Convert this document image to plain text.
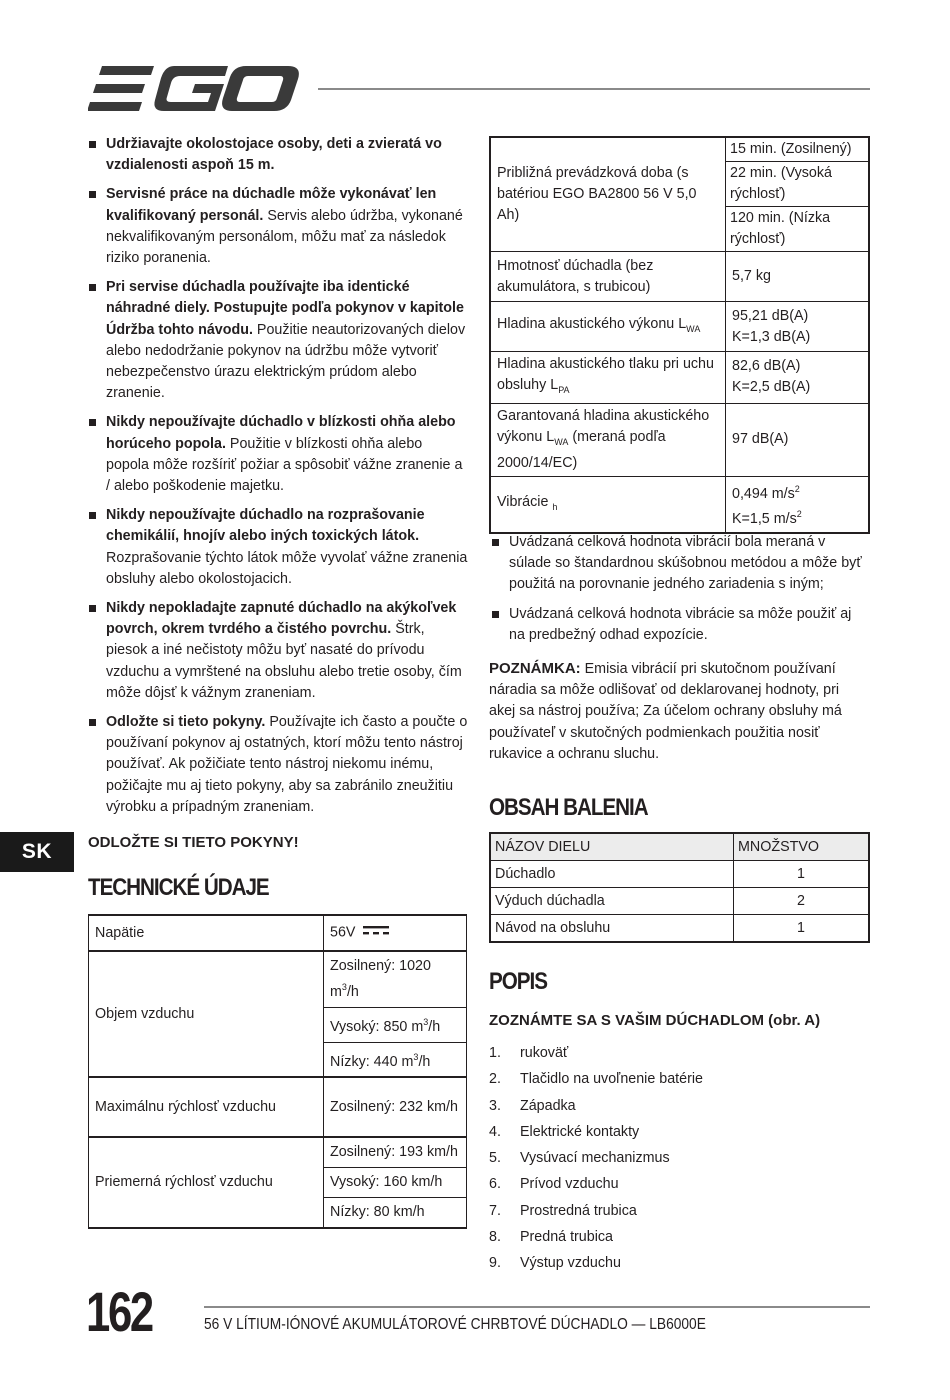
SK
Udržiavajte okolostojace osoby, deti a zvieratá vo vzdialenosti aspoň 15 m.
Servisné práce na dúchadle môže vykonávať len kvalifikovaný personál. Servis alebo údržba, vykonané nekvalifikovaným personálom, môžu mať za následok riziko poranenia.
Pri servise dúchadla používajte iba identické náhradné diely. Postupujte podľa pokynov v kapitole Údržba tohto návodu. Použitie neautorizovaných dielov alebo nedodržanie pokynov na údržbu môže vytvoriť nebezpečenstvo úrazu elektrickým prúdom alebo zranenie.
Nikdy nepoužívajte dúchadlo v blízkosti ohňa alebo horúceho popola. Použitie v blízkosti ohňa alebo popola môže rozšíriť požiar a spôsobiť vážne zranenie a / alebo poškodenie majetku.
Nikdy nepoužívajte dúchadlo na rozprašovanie chemikálií, hnojív alebo iných toxických látok. Rozprašovanie týchto látok môže vyvolať vážne zranenia obsluhy alebo okolostojacich.
Nikdy nepokladajte zapnuté dúchadlo na akýkoľvek povrch, okrem tvrdého a čistého povrchu. Štrk, piesok a iné nečistoty môžu byť nasaté do prívodu vzduchu a vymrštené na obsluhu alebo tretie osoby, čím môže dôjsť k vážnym zraneniam.
Odložte si tieto pokyny. Používajte ich často a poučte o používaní pokynov aj ostatných, ktorí môžu tento nástroj používať. Ak požičiate tento nástroj niekomu inému, požičajte mu aj tieto pokyny, aby sa zabránilo zneužitiu výrobku a prípadným zraneniam.
ODLOŽTE SI TIETO POKYNY!
TECHNICKÉ ÚDAJE
Napätie	56V
Objem vzduchu	Zosilnený: 1020 $m^3/h$
	Vysoký: 850 $m^3/h$
	Nízky: 440 $m^3/h$
Maximálnu rýchlosť vzduchu	Zosilnený: 232 km/h
Priemerná rýchlosť vzduchu	Zosilnený: 193 km/h
	Vysoký: 160 km/h
	Nízky: 80 km/h
Približná prevádzková doba (s batériou EGO BA2800 56 V 5,0 Ah)	15 min. (Zosilnený)
	22 min. (Vysoká rýchlosť)
	120 min. (Nízka rýchlosť)
Hmotnosť dúchadla (bez akumulátora, s trubicou)	5,7 kg
Hladina akustického výkonu $L_{WA}$	95,21 dB(A)
K=1,3 dB(A)
Hladina akustického tlaku pri uchu obsluhy $L_{PA}$	82,6 dB(A)
K=2,5 dB(A)
Garantovaná hladina akustického výkonu $L_{WA}$ (meraná podľa 2000/14/EC)	97 dB(A)
Vibrácie $_h$	0,494 $m/s^2$
K=1,5 $m/s^2$
Uvádzaná celková hodnota vibrácií bola meraná v súlade so štandardnou skúšobnou metódou a môže byť použitá na porovnanie jedného zariadenia s iným;
Uvádzaná celková hodnota vibrácie sa môže použiť aj na predbežný odhad expozície.
POZNÁMKA: Emisia vibrácií pri skutočnom používaní náradia sa môže odlišovať od deklarovanej hodnoty, pri akej sa nástroj používa; Za účelom ochrany obsluhy má používateľ v skutočných podmienkach použitia nosiť rukavice a ochranu sluchu.
OBSAH BALENIA
NÁZOV DIELU	MNOŽSTVO
Dúchadlo	1
Výduch dúchadla	2
Návod na obsluhu	1
POPIS
ZOZNÁMTE SA S VAŠIM DÚCHADLOM (obr. A)
1.	rukoväť
2.	Tlačidlo na uvoľnenie batérie
3.	Západka
4.	Elektrické kontakty
5.	Vysúvací mechanizmus
6.	Prívod vzduchu
7.	Prostredná trubica
8.	Predná trubica
9.	Výstup vzduchu
162	56 V LÍTIUM-IÓNOVÉ AKUMULÁTOROVÉ CHRBTOVÉ DÚCHADLO — LB6000E
